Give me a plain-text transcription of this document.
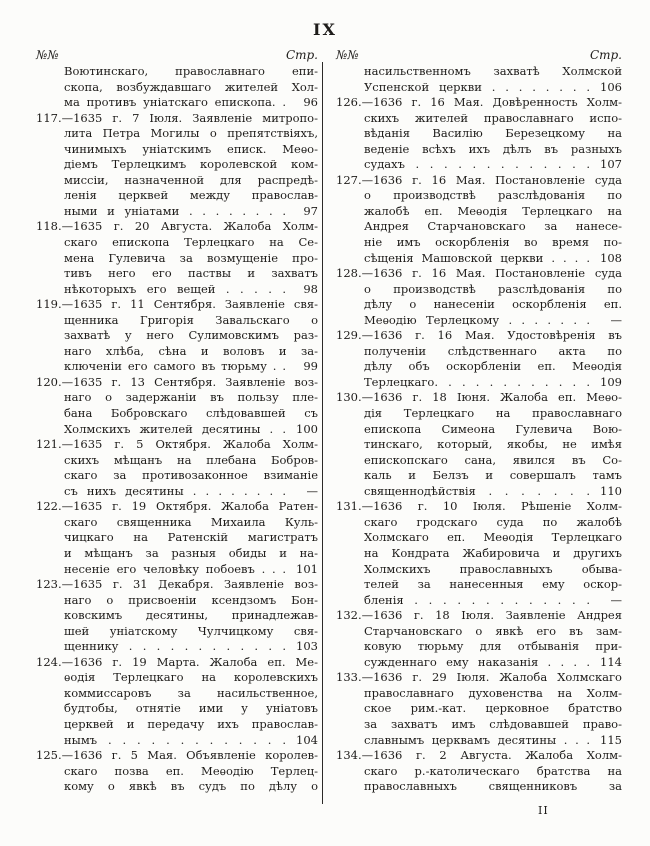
IX
№№	Стр.
Воютинскаго, православнаго епи-
скопа, возбуждавшаго жителей Хол-
ма противъ уніатскаго епископа. .	96
117.—1635 г. 7 Іюля. Заявленіе митропо-
лита Петра Могилы о препятствіяхъ,
чинимыхъ уніатскимъ еписк. Меѳо-
діемъ Терлецкимъ королевской ком-
миссіи, назначенной для распредѣ-
ленія церквей между православ-
ными и уніатами . . . . . . . .	97
118.—1635 г. 20 Августа. Жалоба Холм-
скаго епископа Терлецкаго на Се-
мена Гулевича за возмущеніе про-
тивъ него его паствы и захватъ
нѣкоторыхъ его вещей . . . . .	98
119.—1635 г. 11 Сентября. Заявленіе свя-
щенника Григорія Завальскаго о
захватѣ у него Сулимовскимъ раз-
наго хлѣба, сѣна и воловъ и за-
ключеніи его самого въ тюрьму . .	99
120.—1635 г. 13 Сентября. Заявленіе воз-
наго о задержаніи въ пользу пле-
бана Бобровскаго слѣдовавшей съ
Холмскихъ жителей десятины . . 100
121.—1635 г. 5 Октября. Жалоба Холм-
скихъ мѣщанъ на плебана Бобров-
скаго за противозаконное взиманіе
съ нихъ десятины . . . . . . . .	—
122.—1635 г. 19 Октября. Жалоба Ратен-
скаго священника Михаила Куль-
чицкаго на Ратенскій магистратъ
и мѣщанъ за разныя обиды и на-
несеніе его человѣку побоевъ . . . 101
123.—1635 г. 31 Декабря. Заявленіе воз-
наго о присвоеніи ксендзомъ Бон-
ковскимъ десятины, принадлежав-
шей уніатскому Чулчицкому свя-
щеннику . . . . . . . . . . . . 103
124.—1636 г. 19 Марта. Жалоба еп. Ме-
ѳодія Терлецкаго на королевскихъ
коммиссаровъ за насильственное,
будтобы, отнятіе ими у уніатовъ
церквей и передачу ихъ православ-
нымъ . . . . . . . . . . . . . 104
125.—1636 г. 5 Мая. Объявленіе королев-
скаго позва еп. Меѳодію Терлец-
кому о явкѣ въ судъ по дѣлу о
№№	Стр.
насильственномъ захватѣ Холмской
Успенской церкви . . . . . . . . 106
126.—1636 г. 16 Мая. Довѣренность Холм-
скихъ жителей православнаго испо-
вѣданія Василію Березецкому на
веденіе всѣхъ ихъ дѣлъ въ разныхъ
судахъ . . . . . . . . . . . . . 107
127.—1636 г. 16 Мая. Постановленіе суда
о производствѣ разслѣдованія по
жалобѣ еп. Меѳодія Терлецкаго на
Андрея Старчановскаго за нанесе-
ніе имъ оскорбленія во время по-
сѣщенія Машовской церкви . . . . 108
128.—1636 г. 16 Мая. Постановленіе суда
о производствѣ разслѣдованія по
дѣлу о нанесеніи оскорбленія еп.
Меѳодію Терлецкому . . . . . . .	—
129.—1636 г. 16 Мая. Удостовѣренія въ
полученіи слѣдственнаго акта по
дѣлу объ оскорбленіи еп. Меѳодія
Терлецкаго. . . . . . . . . . . . 109
130.—1636 г. 18 Іюня. Жалоба еп. Меѳо-
дія Терлецкаго на православнаго
епископа Симеона Гулевича Вою-
тинскаго, который, якобы, не имѣя
епископскаго сана, явился въ Со-
каль и Белзъ и совершалъ тамъ
священнодѣйствія . . . . . . . 110
131.—1636 г. 10 Іюля. Рѣшеніе Холм-
скаго гродскаго суда по жалобѣ
Холмскаго еп. Меѳодія Терлецкаго
на Кондрата Жабировича и другихъ
Холмскихъ православныхъ обыва-
телей за нанесенныя ему оскор-
бленія . . . . . . . . . . . . .	—
132.—1636 г. 18 Іюля. Заявленіе Андрея
Старчановскаго о явкѣ его въ зам-
ковую тюрьму для отбыванія при-
сужденнаго ему наказанія . . . . 114
133.—1636 г. 29 Іюля. Жалоба Холмскаго
православнаго духовенства на Холм-
ское рим.-кат. церковное братство
за захватъ имъ слѣдовавшей право-
славнымъ церквамъ десятины . . . 115
134.—1636 г. 2 Августа. Жалоба Холм-
скаго р.-католическаго братства на
православныхъ священниковъ за
II
